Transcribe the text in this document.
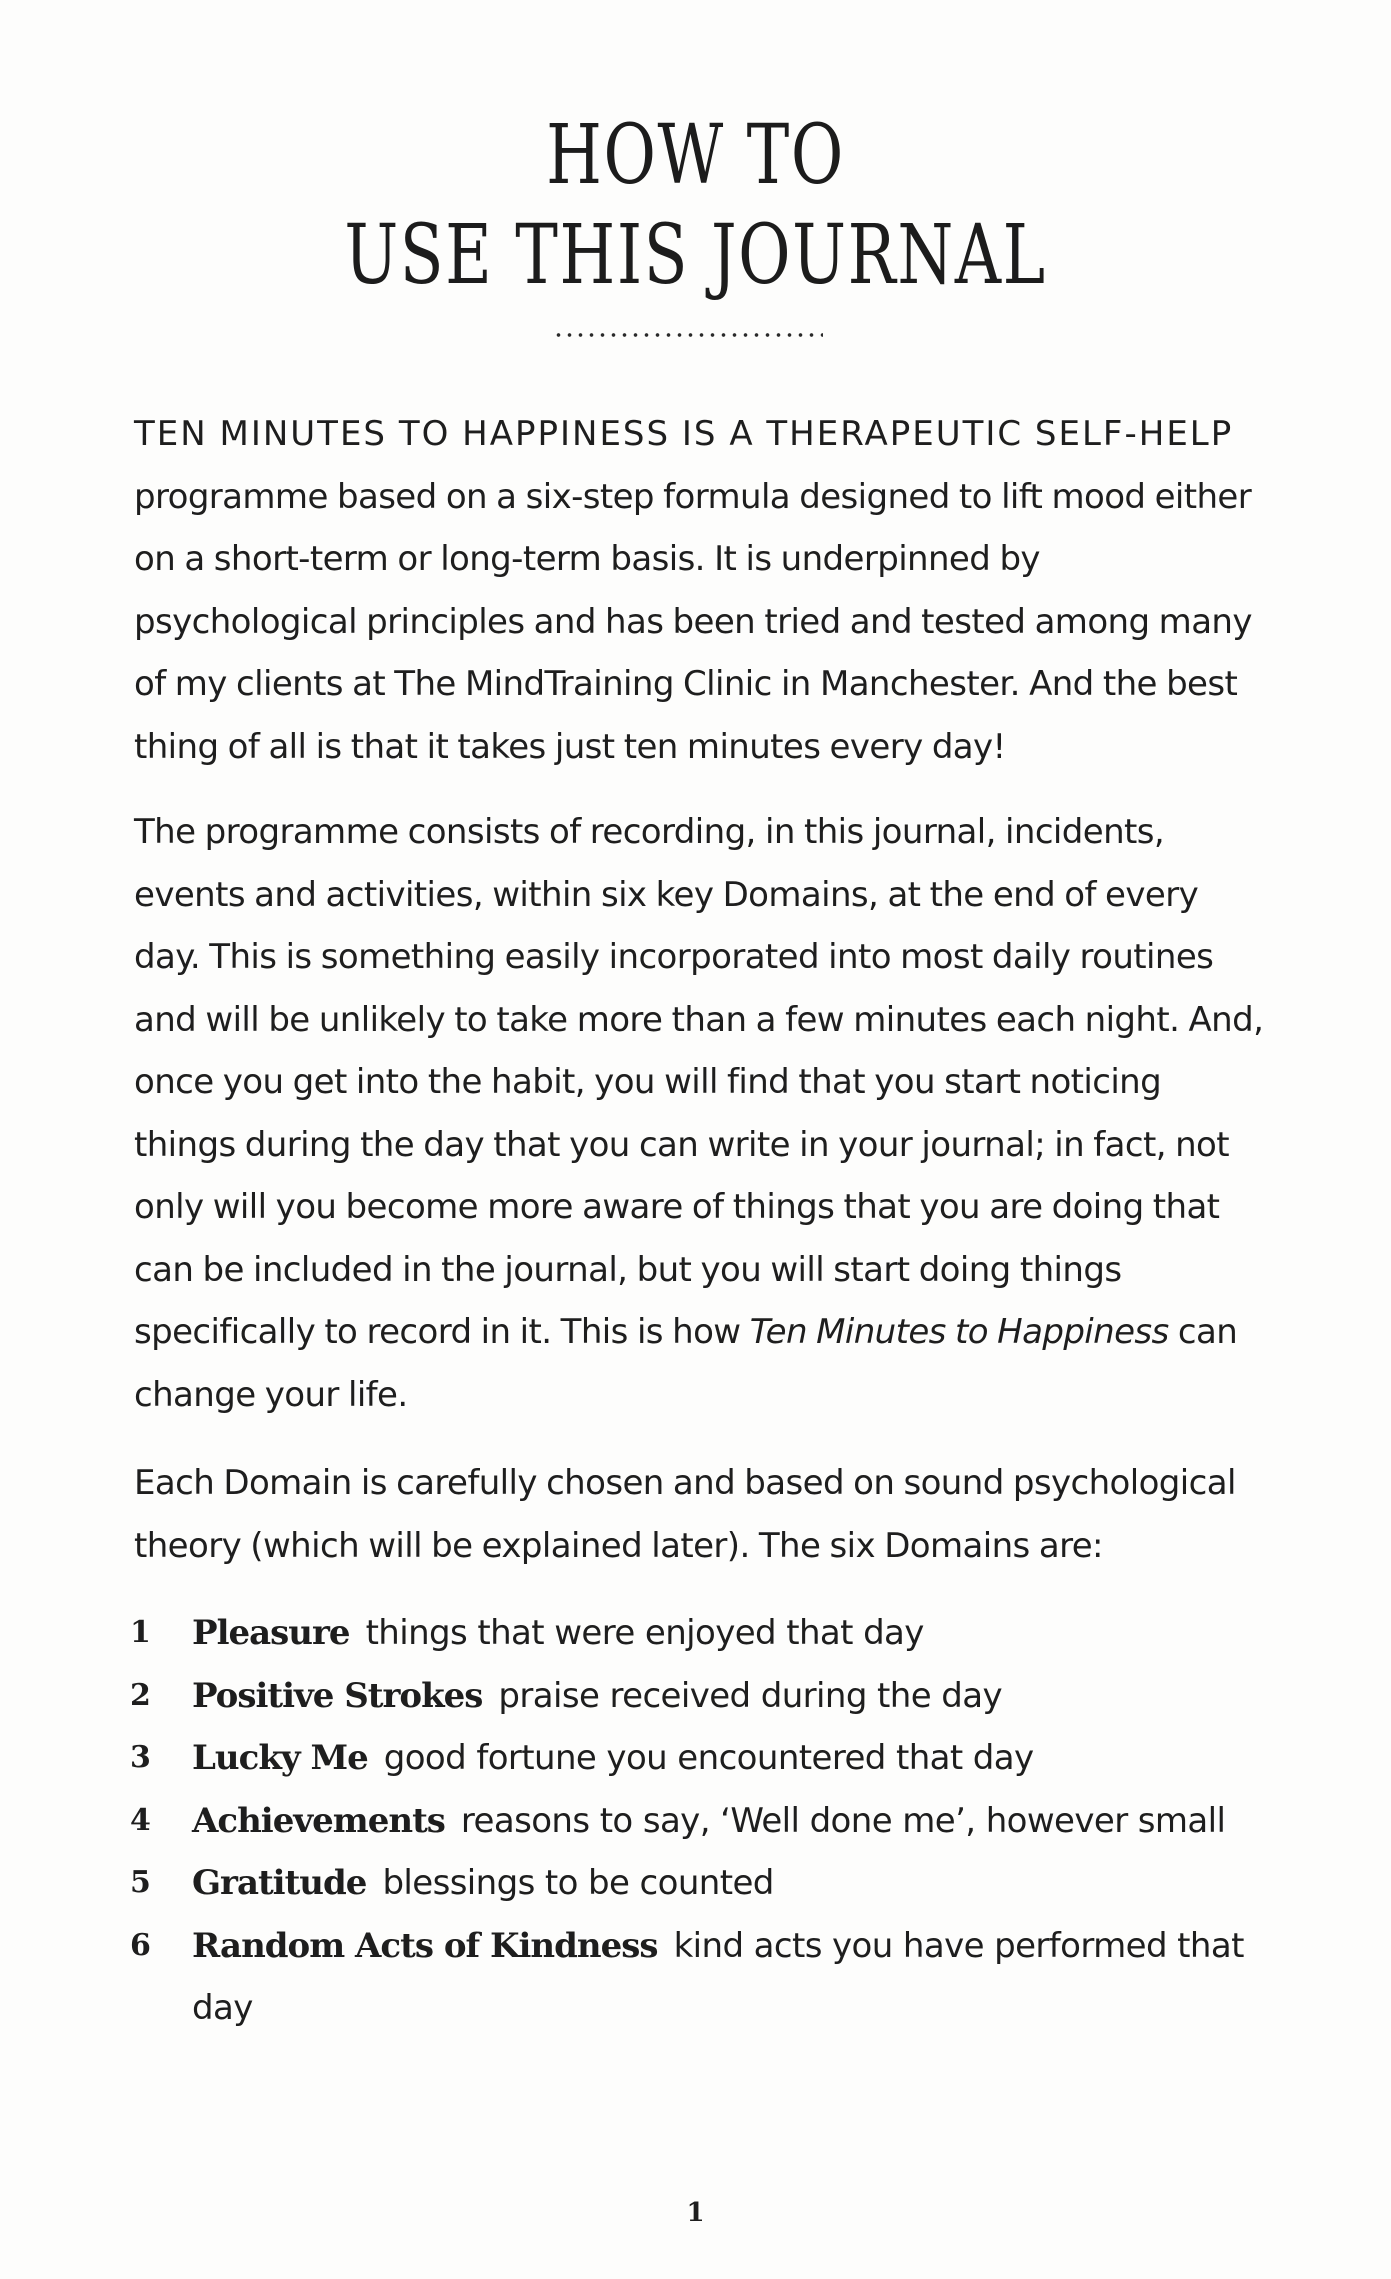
HOW TO
USE THIS JOURNAL

TEN MINUTES TO HAPPINESS IS A THERAPEUTIC SELF-HELP programme based on a six-step formula designed to lift mood either on a short-term or long-term basis. It is underpinned by psychological principles and has been tried and tested among many of my clients at The MindTraining Clinic in Manchester. And the best thing of all is that it takes just ten minutes every day!

The programme consists of recording, in this journal, incidents, events and activities, within six key Domains, at the end of every day. This is something easily incorporated into most daily routines and will be unlikely to take more than a few minutes each night. And, once you get into the habit, you will find that you start noticing things during the day that you can write in your journal; in fact, not only will you become more aware of things that you are doing that can be included in the journal, but you will start doing things specifically to record in it. This is how Ten Minutes to Happiness can change your life.

Each Domain is carefully chosen and based on sound psychological theory (which will be explained later). The six Domains are:

1 Pleasure things that were enjoyed that day
2 Positive Strokes praise received during the day
3 Lucky Me good fortune you encountered that day
4 Achievements reasons to say, ‘Well done me’, however small
5 Gratitude blessings to be counted
6 Random Acts of Kindness kind acts you have performed that day
1
